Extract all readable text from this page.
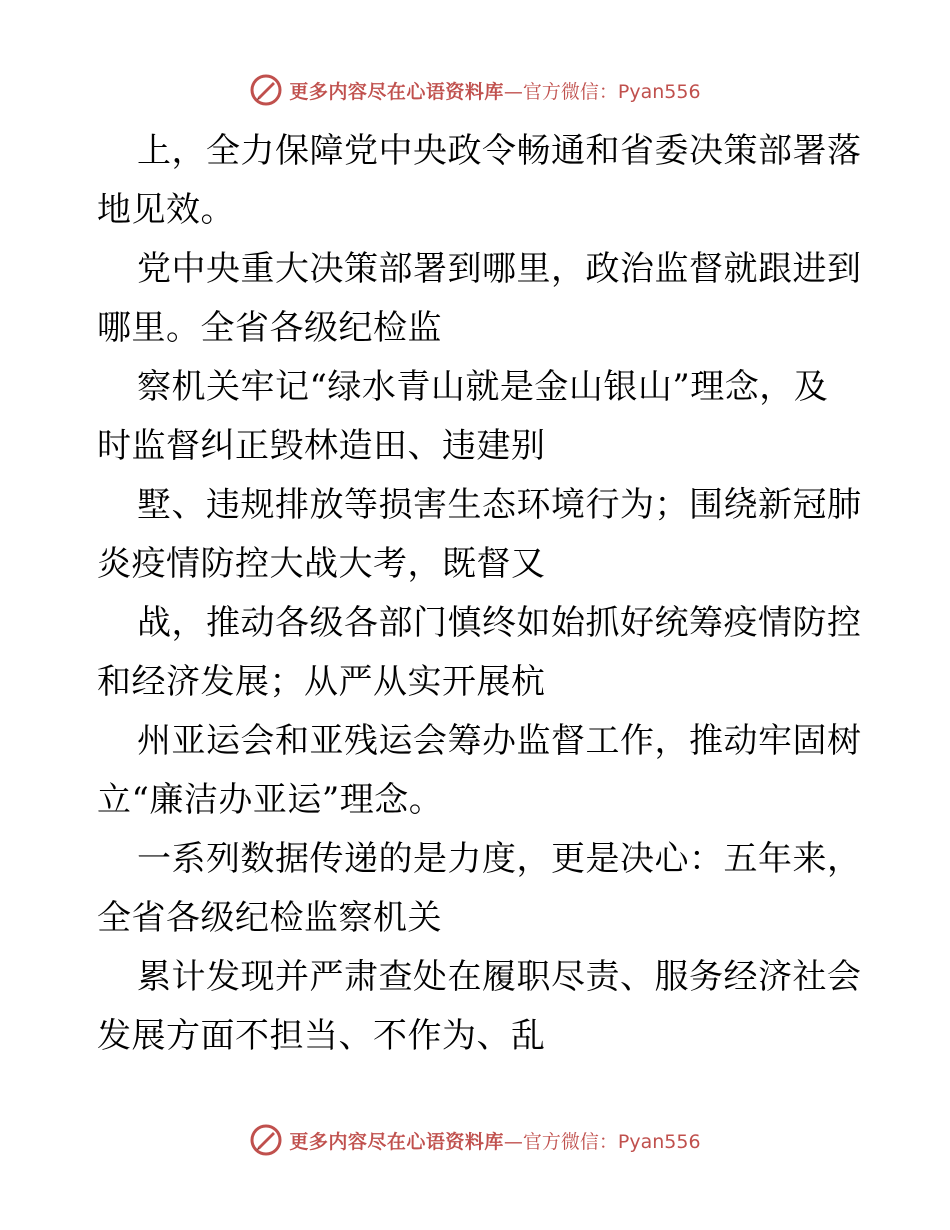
更多内容尽在心语资料库 —官方微信：Pyan556

上，全力保障党中央政令畅通和省委决策部署落
地见效。

党中央重大决策部署到哪里，政治监督就跟进到
哪里。全省各级纪检监

察机关牢记“绿水青山就是金山银山”理念，及
时监督纠正毁林造田、违建别

墅、违规排放等损害生态环境行为；围绕新冠肺
炎疫情防控大战大考，既督又

战，推动各级各部门慎终如始抓好统筹疫情防控
和经济发展；从严从实开展杭

州亚运会和亚残运会筹办监督工作，推动牢固树
立“廉洁办亚运”理念。

一系列数据传递的是力度，更是决心：五年来，
全省各级纪检监察机关

累计发现并严肃查处在履职尽责、服务经济社会
发展方面不担当、不作为、乱

更多内容尽在心语资料库 —官方微信：Pyan556
